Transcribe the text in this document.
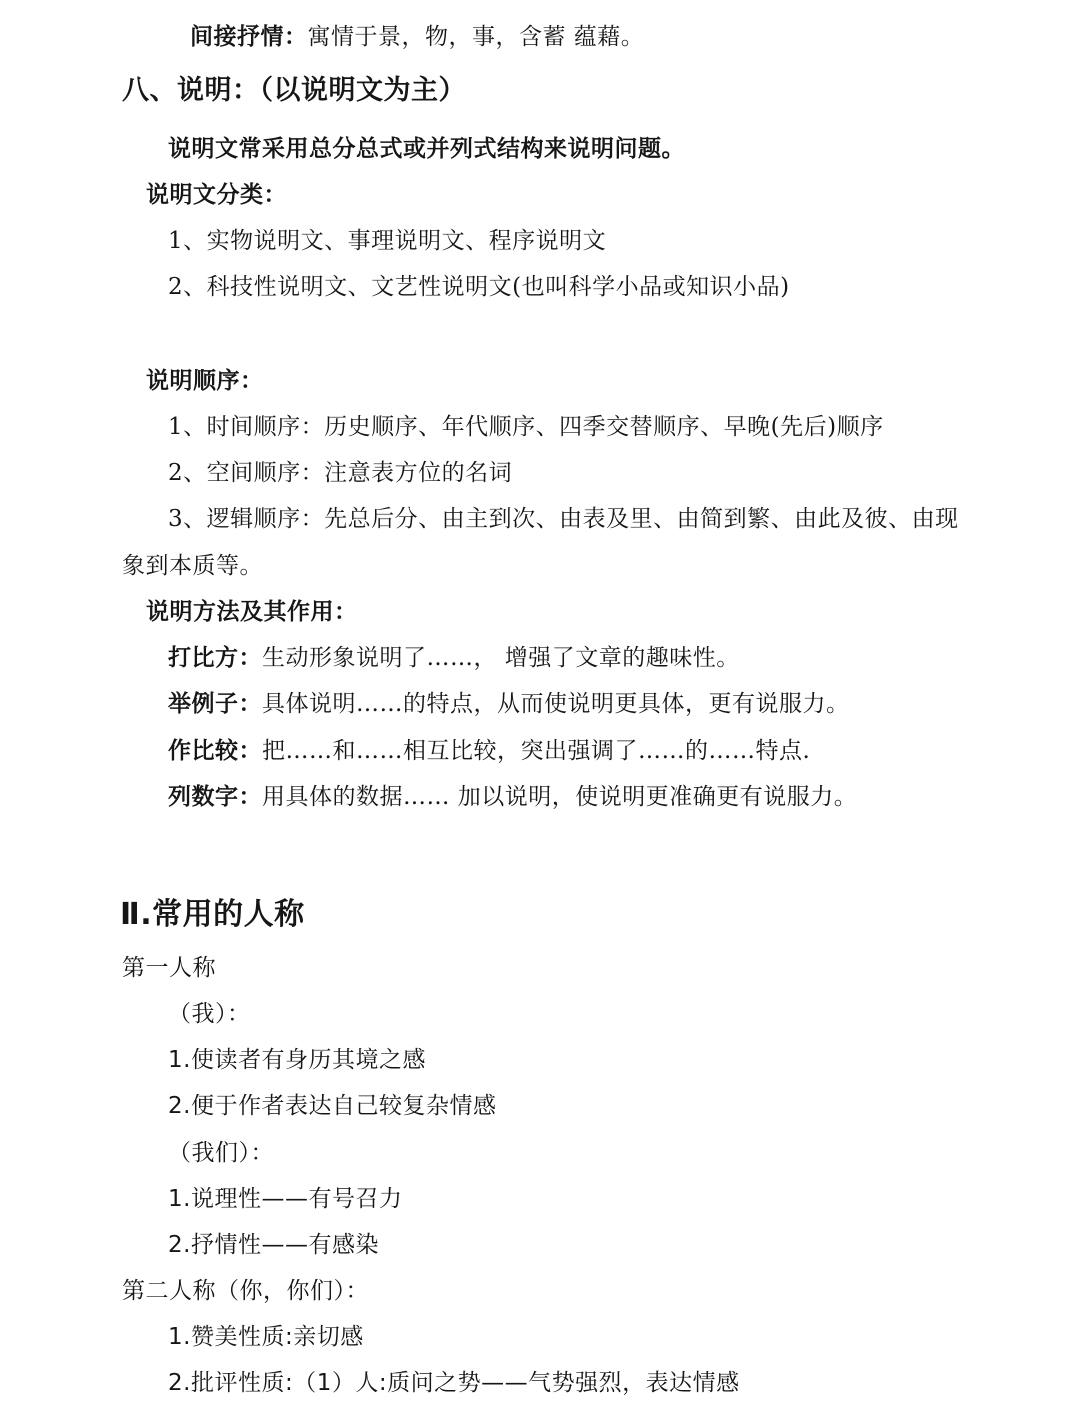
间接抒情：寓情于景，物，事，含蓄 蕴藉。
八、说明：（以说明文为主）
说明文常采用总分总式或并列式结构来说明问题。
说明文分类：
1、实物说明文、事理说明文、程序说明文
2、科技性说明文、文艺性说明文(也叫科学小品或知识小品)
说明顺序：
1、时间顺序：历史顺序、年代顺序、四季交替顺序、早晚(先后)顺序
2、空间顺序：注意表方位的名词
3、逻辑顺序：先总后分、由主到次、由表及里、由简到繁、由此及彼、由现
象到本质等。
说明方法及其作用：
打比方：生动形象说明了……， 增强了文章的趣味性。
举例子：具体说明……的特点，从而使说明更具体，更有说服力。
作比较：把……和……相互比较，突出强调了……的……特点.
列数字：用具体的数据…… 加以说明，使说明更准确更有说服力。
Ⅱ.常用的人称
第一人称
（我）：
1.使读者有身历其境之感
2.便于作者表达自己较复杂情感
（我们）：
1.说理性——有号召力
2.抒情性——有感染
第二人称（你，你们）：
1.赞美性质:亲切感
2.批评性质:（1）人:质问之势——气势强烈，表达情感
